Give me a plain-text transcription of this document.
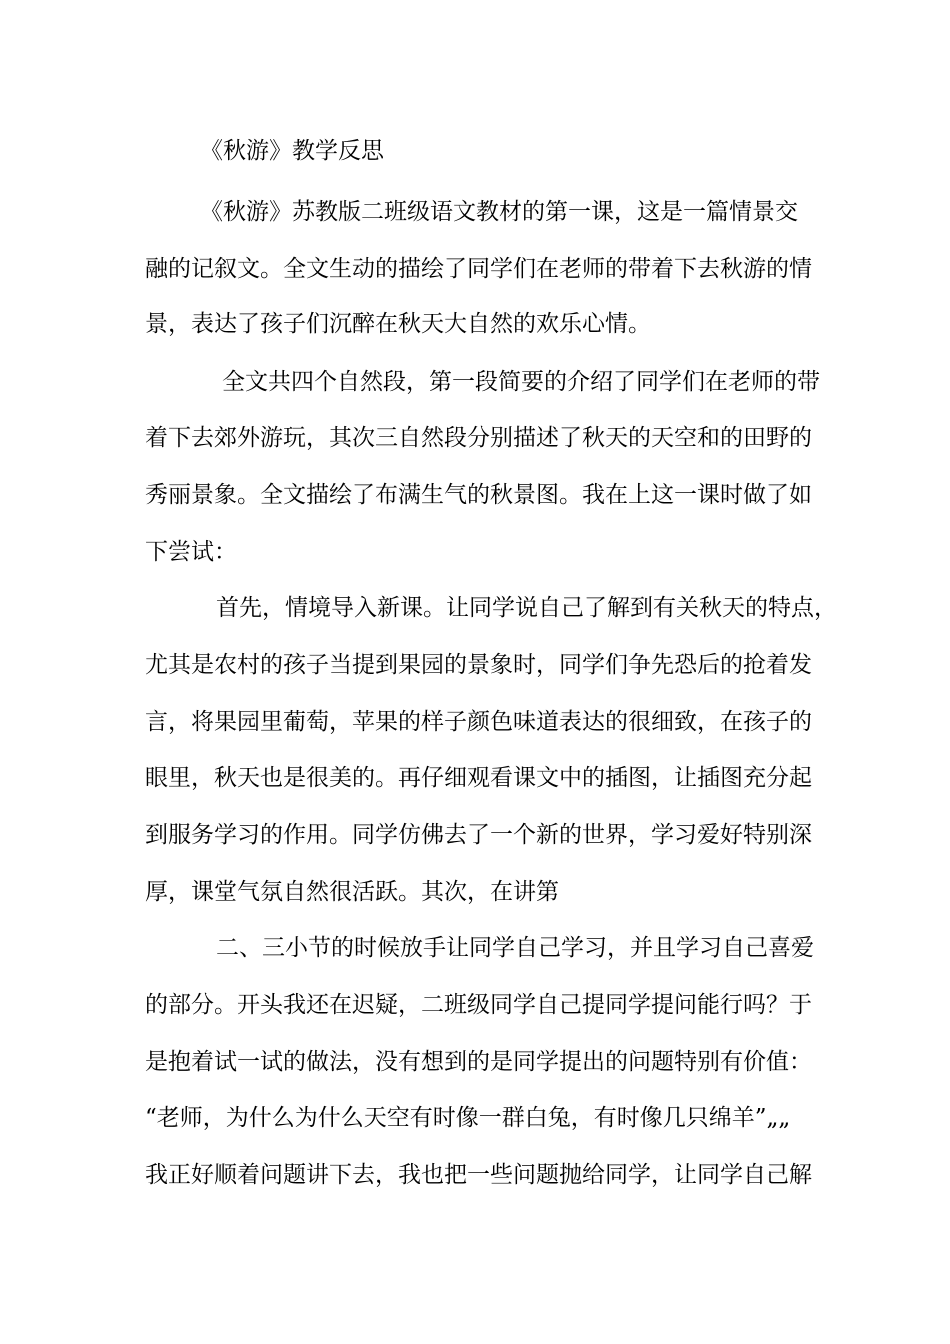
《秋游》教学反思
《秋游》苏教版二班级语文教材的第一课，这是一篇情景交
融的记叙文。全文生动的描绘了同学们在老师的带着下去秋游的情
景，表达了孩子们沉醉在秋天大自然的欢乐心情。
全文共四个自然段，第一段简要的介绍了同学们在老师的带
着下去郊外游玩，其次三自然段分别描述了秋天的天空和的田野的
秀丽景象。全文描绘了布满生气的秋景图。我在上这一课时做了如
下尝试：
首先，情境导入新课。让同学说自己了解到有关秋天的特点，
尤其是农村的孩子当提到果园的景象时，同学们争先恐后的抢着发
言，将果园里葡萄，苹果的样子颜色味道表达的很细致，在孩子的
眼里，秋天也是很美的。再仔细观看课文中的插图，让插图充分起
到服务学习的作用。同学仿佛去了一个新的世界，学习爱好特别深
厚，课堂气氛自然很活跃。其次，在讲第
二、三小节的时候放手让同学自己学习，并且学习自己喜爱
的部分。开头我还在迟疑，二班级同学自己提同学提问能行吗？于
是抱着试一试的做法，没有想到的是同学提出的问题特别有价值：
“老师，为什么为什么天空有时像一群白兔，有时像几只绵羊”„„
我正好顺着问题讲下去，我也把一些问题抛给同学，让同学自己解
